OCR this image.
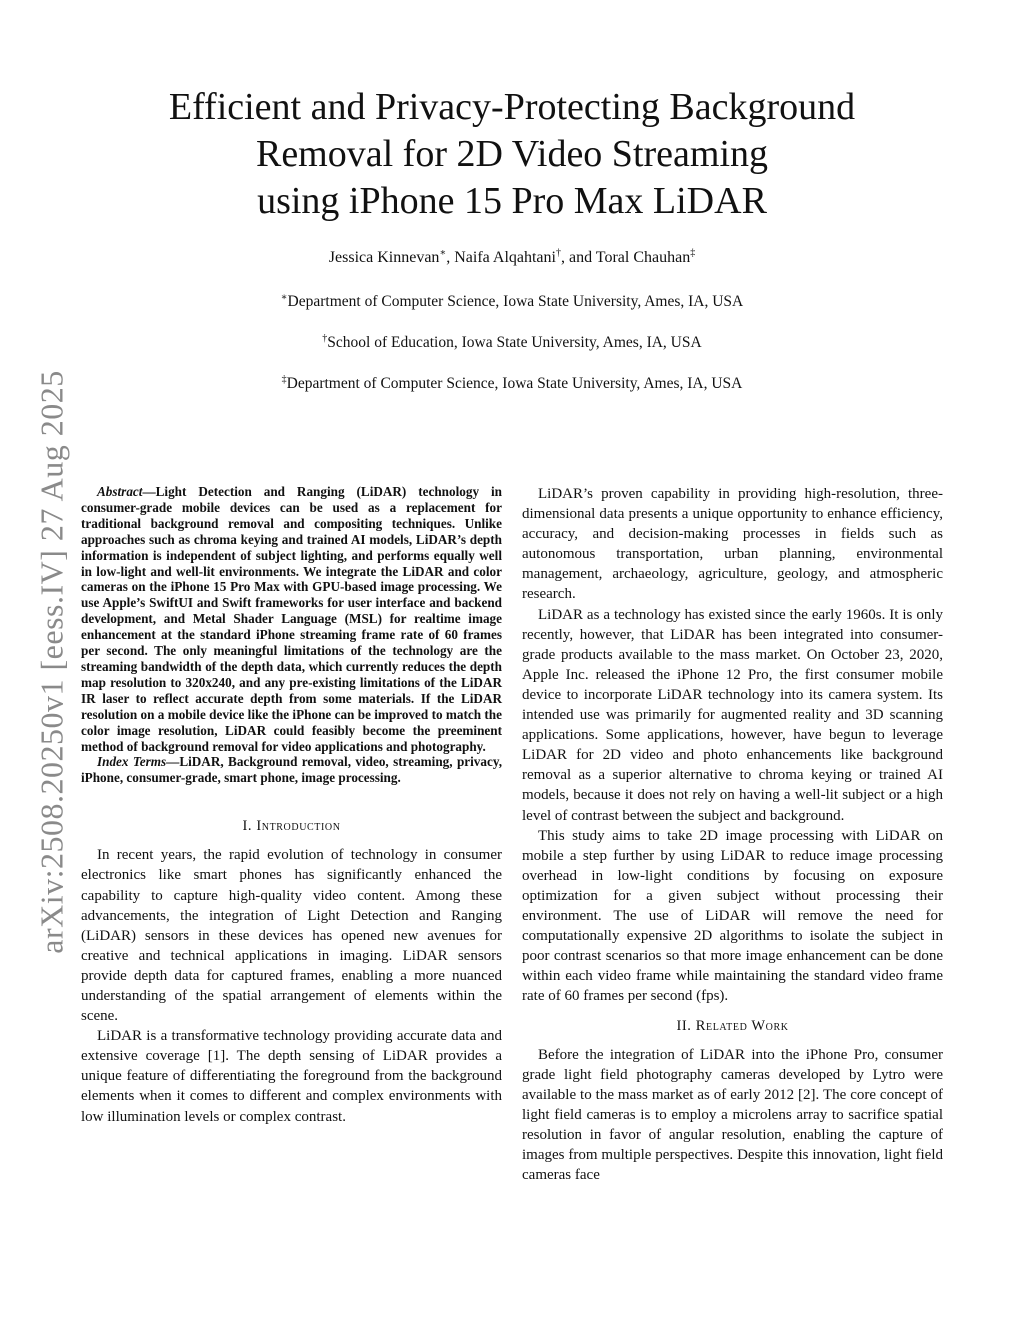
arXiv:2508.20250v1 [eess.IV] 27 Aug 2025
Efficient and Privacy-Protecting Background
Removal for 2D Video Streaming
using iPhone 15 Pro Max LiDAR
Jessica Kinnevan∗, Naifa Alqahtani†, and Toral Chauhan‡
∗Department of Computer Science, Iowa State University, Ames, IA, USA
†School of Education, Iowa State University, Ames, IA, USA
‡Department of Computer Science, Iowa State University, Ames, IA, USA

Abstract—Light Detection and Ranging (LiDAR) technology in consumer-grade mobile devices can be used as a replacement for traditional background removal and compositing techniques. Unlike approaches such as chroma keying and trained AI models, LiDAR’s depth information is independent of subject lighting, and performs equally well in low-light and well-lit environments. We integrate the LiDAR and color cameras on the iPhone 15 Pro Max with GPU-based image processing. We use Apple’s SwiftUI and Swift frameworks for user interface and backend development, and Metal Shader Language (MSL) for realtime image enhancement at the standard iPhone streaming frame rate of 60 frames per second. The only meaningful limitations of the technology are the streaming bandwidth of the depth data, which currently reduces the depth map resolution to 320x240, and any pre-existing limitations of the LiDAR IR laser to reflect accurate depth from some materials. If the LiDAR resolution on a mobile device like the iPhone can be improved to match the color image resolution, LiDAR could feasibly become the preeminent method of background removal for video applications and photography.

Index Terms—LiDAR, Background removal, video, streaming, privacy, iPhone, consumer-grade, smart phone, image processing.

I. Introduction

In recent years, the rapid evolution of technology in consumer electronics like smart phones has significantly enhanced the capability to capture high-quality video content. Among these advancements, the integration of Light Detection and Ranging (LiDAR) sensors in these devices has opened new avenues for creative and technical applications in imaging. LiDAR sensors provide depth data for captured frames, enabling a more nuanced understanding of the spatial arrangement of elements within the scene.

LiDAR is a transformative technology providing accurate data and extensive coverage [1]. The depth sensing of LiDAR provides a unique feature of differentiating the foreground from the background elements when it comes to different and complex environments with low illumination levels or complex contrast.

LiDAR’s proven capability in providing high-resolution, three-dimensional data presents a unique opportunity to enhance efficiency, accuracy, and decision-making processes in fields such as autonomous transportation, urban planning, environmental management, archaeology, agriculture, geology, and atmospheric research.

LiDAR as a technology has existed since the early 1960s. It is only recently, however, that LiDAR has been integrated into consumer-grade products available to the mass market. On October 23, 2020, Apple Inc. released the iPhone 12 Pro, the first consumer mobile device to incorporate LiDAR technology into its camera system. Its intended use was primarily for augmented reality and 3D scanning applications. Some applications, however, have begun to leverage LiDAR for 2D video and photo enhancements like background removal as a superior alternative to chroma keying or trained AI models, because it does not rely on having a well-lit subject or a high level of contrast between the subject and background.

This study aims to take 2D image processing with LiDAR on mobile a step further by using LiDAR to reduce image processing overhead in low-light conditions by focusing on exposure optimization for a given subject without processing their environment. The use of LiDAR will remove the need for computationally expensive 2D algorithms to isolate the subject in poor contrast scenarios so that more image enhancement can be done within each video frame while maintaining the standard video frame rate of 60 frames per second (fps).

II. Related Work

Before the integration of LiDAR into the iPhone Pro, consumer grade light field photography cameras developed by Lytro were available to the mass market as of early 2012 [2]. The core concept of light field cameras is to employ a microlens array to sacrifice spatial resolution in favor of angular resolution, enabling the capture of images from multiple perspectives. Despite this innovation, light field cameras face
